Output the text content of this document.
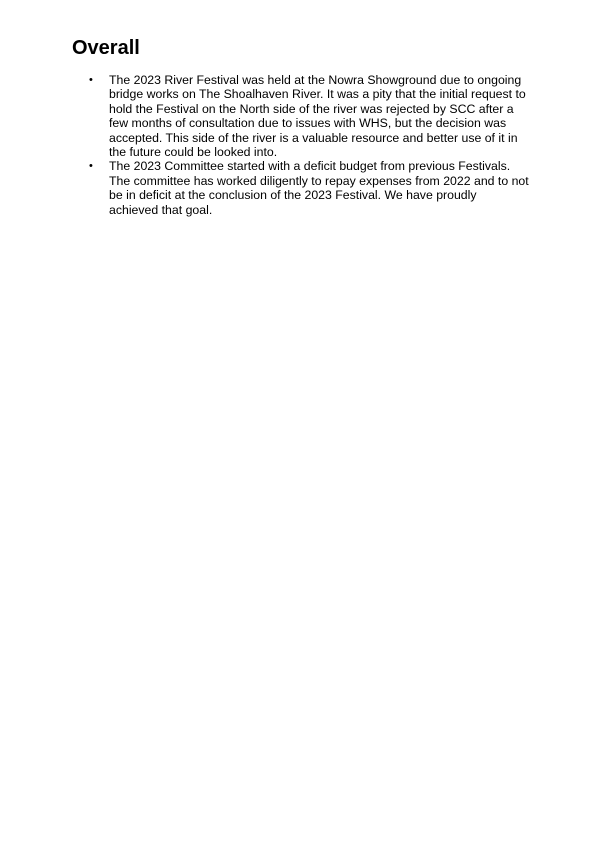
Overall
• The 2023 River Festival was held at the Nowra Showground due to ongoing bridge works on The Shoalhaven River. It was a pity that the initial request to hold the Festival on the North side of the river was rejected by SCC after a few months of consultation due to issues with WHS, but the decision was accepted. This side of the river is a valuable resource and better use of it in the future could be looked into.
• The 2023 Committee started with a deficit budget from previous Festivals. The committee has worked diligently to repay expenses from 2022 and to not be in deficit at the conclusion of the 2023 Festival. We have proudly achieved that goal.
